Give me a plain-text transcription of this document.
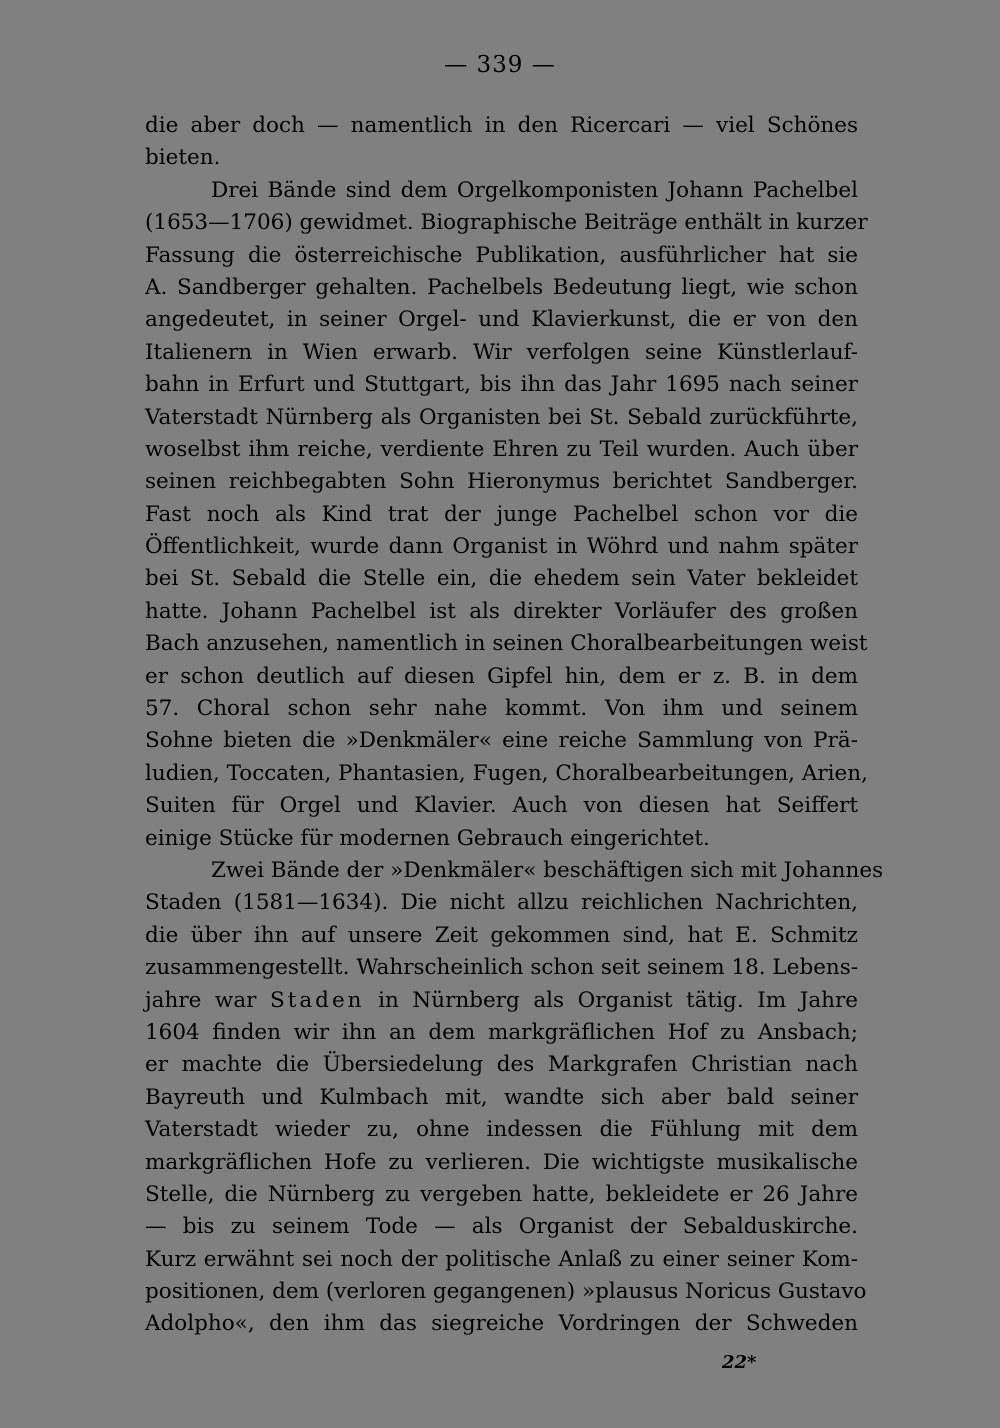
— 339 —
die aber doch — namentlich in den Ricercari — viel Schönes
bieten.
Drei Bände sind dem Orgelkomponisten Johann Pachelbel
(1653—1706) gewidmet. Biographische Beiträge enthält in kurzer
Fassung die österreichische Publikation, ausführlicher hat sie
A. Sandberger gehalten. Pachelbels Bedeutung liegt, wie schon
angedeutet, in seiner Orgel- und Klavierkunst, die er von den
Italienern in Wien erwarb. Wir verfolgen seine Künstlerlauf-
bahn in Erfurt und Stuttgart, bis ihn das Jahr 1695 nach seiner
Vaterstadt Nürnberg als Organisten bei St. Sebald zurückführte,
woselbst ihm reiche, verdiente Ehren zu Teil wurden. Auch über
seinen reichbegabten Sohn Hieronymus berichtet Sandberger.
Fast noch als Kind trat der junge Pachelbel schon vor die
Öffentlichkeit, wurde dann Organist in Wöhrd und nahm später
bei St. Sebald die Stelle ein, die ehedem sein Vater bekleidet
hatte. Johann Pachelbel ist als direkter Vorläufer des großen
Bach anzusehen, namentlich in seinen Choralbearbeitungen weist
er schon deutlich auf diesen Gipfel hin, dem er z. B. in dem
57. Choral schon sehr nahe kommt. Von ihm und seinem
Sohne bieten die »Denkmäler« eine reiche Sammlung von Prä-
ludien, Toccaten, Phantasien, Fugen, Choralbearbeitungen, Arien,
Suiten für Orgel und Klavier. Auch von diesen hat Seiffert
einige Stücke für modernen Gebrauch eingerichtet.
Zwei Bände der »Denkmäler« beschäftigen sich mit Johannes
Staden (1581—1634). Die nicht allzu reichlichen Nachrichten,
die über ihn auf unsere Zeit gekommen sind, hat E. Schmitz
zusammengestellt. Wahrscheinlich schon seit seinem 18. Lebens-
jahre war Staden in Nürnberg als Organist tätig. Im Jahre
1604 finden wir ihn an dem markgräflichen Hof zu Ansbach;
er machte die Übersiedelung des Markgrafen Christian nach
Bayreuth und Kulmbach mit, wandte sich aber bald seiner
Vaterstadt wieder zu, ohne indessen die Fühlung mit dem
markgräflichen Hofe zu verlieren. Die wichtigste musikalische
Stelle, die Nürnberg zu vergeben hatte, bekleidete er 26 Jahre
— bis zu seinem Tode — als Organist der Sebalduskirche.
Kurz erwähnt sei noch der politische Anlaß zu einer seiner Kom-
positionen, dem (verloren gegangenen) »plausus Noricus Gustavo
Adolpho«, den ihm das siegreiche Vordringen der Schweden
22*
